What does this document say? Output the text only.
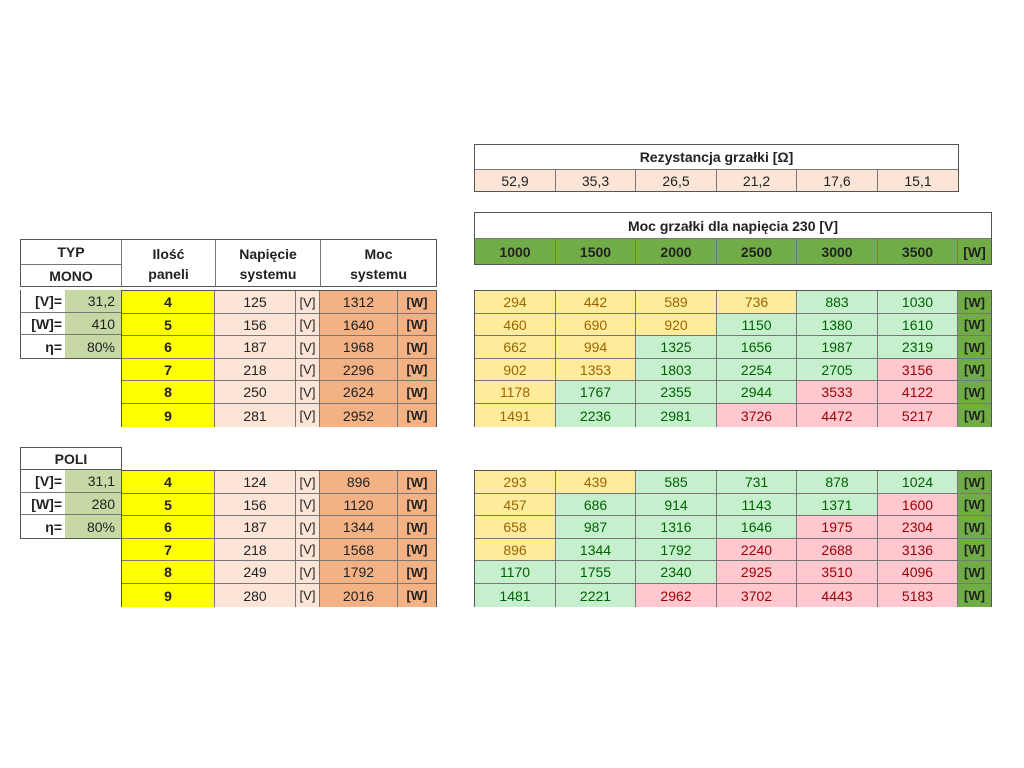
Rezystancja grzałki [Ω]
52,9	35,3	26,5	21,2	17,6	15,1
Moc grzałki dla napięcia 230 [V]
1000	1500	2000	2500	3000	3500	[W]
TYP
MONO
Ilość
paneli
Napięcie
systemu
Moc
systemu
POLI
[V]=	31,2
[W]=	410
η=	80%
4	125	[V]	1312	[W]
5	156	[V]	1640	[W]
6	187	[V]	1968	[W]
7	218	[V]	2296	[W]
8	250	[V]	2624	[W]
9	281	[V]	2952	[W]
294	442	589	736	883	1030	[W]
460	690	920	1150	1380	1610	[W]
662	994	1325	1656	1987	2319	[W]
902	1353	1803	2254	2705	3156	[W]
1178	1767	2355	2944	3533	4122	[W]
1491	2236	2981	3726	4472	5217	[W]
[V]=	31,1
[W]=	280
η=	80%
4	124	[V]	896	[W]
5	156	[V]	1120	[W]
6	187	[V]	1344	[W]
7	218	[V]	1568	[W]
8	249	[V]	1792	[W]
9	280	[V]	2016	[W]
293	439	585	731	878	1024	[W]
457	686	914	1143	1371	1600	[W]
658	987	1316	1646	1975	2304	[W]
896	1344	1792	2240	2688	3136	[W]
1170	1755	2340	2925	3510	4096	[W]
1481	2221	2962	3702	4443	5183	[W]
